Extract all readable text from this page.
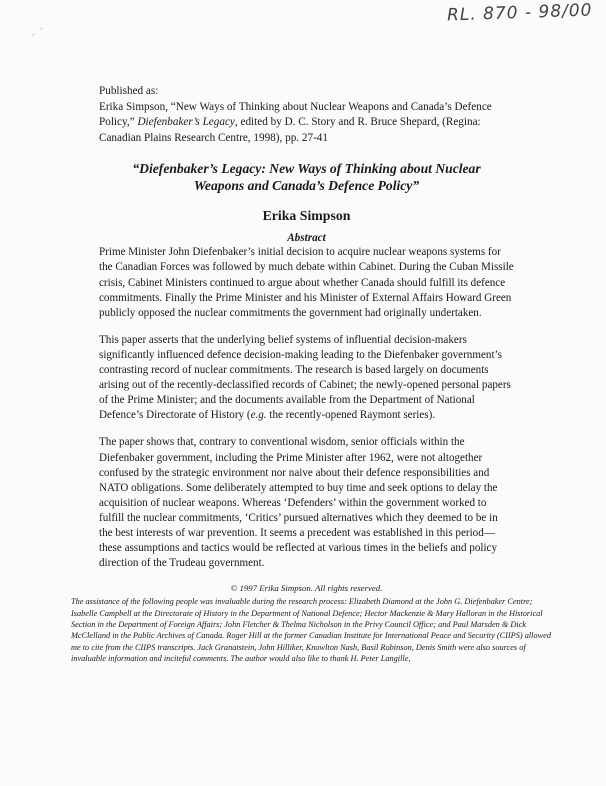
RL. 870 - 98/00
Published as:
Erika Simpson, “New Ways of Thinking about Nuclear Weapons and Canada’s Defence Policy,” Diefenbaker’s Legacy, edited by D. C. Story and R. Bruce Shepard, (Regina: Canadian Plains Research Centre, 1998), pp. 27-41
“Diefenbaker’s Legacy: New Ways of Thinking about Nuclear Weapons and Canada’s Defence Policy”
Erika Simpson
Abstract

Prime Minister John Diefenbaker’s initial decision to acquire nuclear weapons systems for the Canadian Forces was followed by much debate within Cabinet. During the Cuban Missile crisis, Cabinet Ministers continued to argue about whether Canada should fulfill its defence commitments. Finally the Prime Minister and his Minister of External Affairs Howard Green publicly opposed the nuclear commitments the government had originally undertaken.

This paper asserts that the underlying belief systems of influential decision-makers significantly influenced defence decision-making leading to the Diefenbaker government’s contrasting record of nuclear commitments. The research is based largely on documents arising out of the recently-declassified records of Cabinet; the newly-opened personal papers of the Prime Minister; and the documents available from the Department of National Defence’s Directorate of History (e.g. the recently-opened Raymont series).

The paper shows that, contrary to conventional wisdom, senior officials within the Diefenbaker government, including the Prime Minister after 1962, were not altogether confused by the strategic environment nor naive about their defence responsibilities and NATO obligations. Some deliberately attempted to buy time and seek options to delay the acquisition of nuclear weapons. Whereas ‘Defenders’ within the government worked to fulfill the nuclear commitments, ‘Critics’ pursued alternatives which they deemed to be in the best interests of war prevention. It seems a precedent was established in this period—these assumptions and tactics would be reflected at various times in the beliefs and policy direction of the Trudeau government.

© 1997 Erika Simpson. All rights reserved.
The assistance of the following people was invaluable during the research process: Elizabeth Diamond at the John G. Diefenbaker Centre; Isabelle Campbell at the Directorate of History in the Department of National Defence; Hector Mackenzie & Mary Halloran in the Historical Section in the Department of Foreign Affairs; John Fletcher & Thelma Nicholson in the Privy Council Office; and Paul Marsden & Dick McClelland in the Public Archives of Canada. Roger Hill at the former Canadian Institute for International Peace and Security (CIIPS) allowed me to cite from the CIIPS transcripts. Jack Granatstein, John Hilliker, Knowlton Nash, Basil Robinson, Denis Smith were also sources of invaluable information and inciteful comments. The author would also like to thank H. Peter Langille,
